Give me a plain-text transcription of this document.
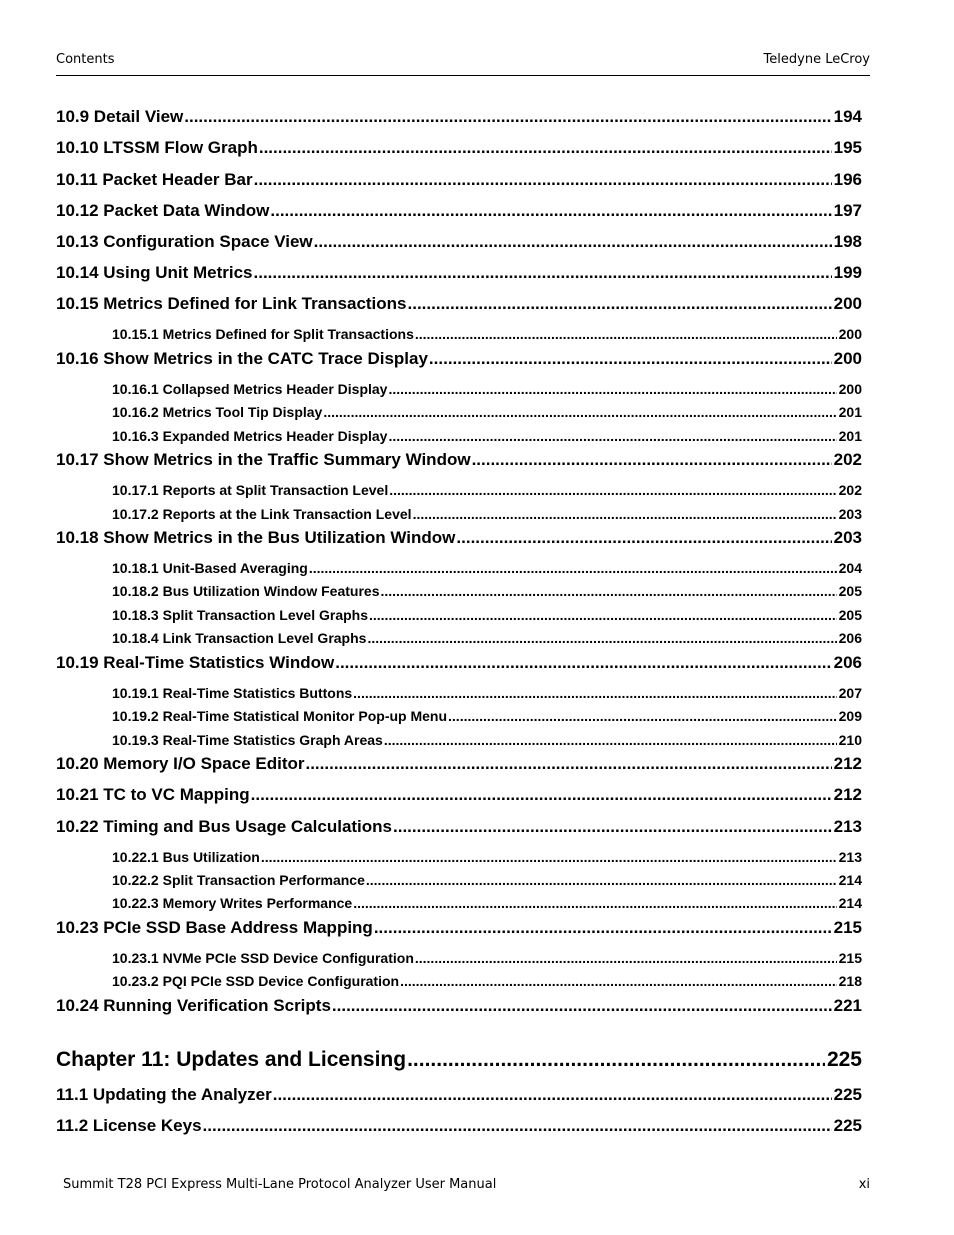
Contents	Teledyne LeCroy
10.9 Detail View .....	194
10.10 LTSSM Flow Graph .....	195
10.11 Packet Header Bar .....	196
10.12 Packet Data Window .....	197
10.13 Configuration Space View .....	198
10.14 Using Unit Metrics .....	199
10.15 Metrics Defined for Link Transactions .....	200
10.15.1 Metrics Defined for Split Transactions .....	200
10.16 Show Metrics in the CATC Trace Display .....	200
10.16.1 Collapsed Metrics Header Display .....	200
10.16.2 Metrics Tool Tip Display .....	201
10.16.3 Expanded Metrics Header Display .....	201
10.17 Show Metrics in the Traffic Summary Window .....	202
10.17.1 Reports at Split Transaction Level .....	202
10.17.2 Reports at the Link Transaction Level .....	203
10.18 Show Metrics in the Bus Utilization Window .....	203
10.18.1 Unit-Based Averaging .....	204
10.18.2 Bus Utilization Window Features .....	205
10.18.3 Split Transaction Level Graphs .....	205
10.18.4 Link Transaction Level Graphs .....	206
10.19 Real-Time Statistics Window .....	206
10.19.1 Real-Time Statistics Buttons .....	207
10.19.2 Real-Time Statistical Monitor Pop-up Menu .....	209
10.19.3 Real-Time Statistics Graph Areas .....	210
10.20 Memory I/O Space Editor .....	212
10.21 TC to VC Mapping .....	212
10.22 Timing and Bus Usage Calculations .....	213
10.22.1 Bus Utilization .....	213
10.22.2 Split Transaction Performance .....	214
10.22.3 Memory Writes Performance .....	214
10.23 PCIe SSD Base Address Mapping .....	215
10.23.1 NVMe PCIe SSD Device Configuration .....	215
10.23.2 PQI PCIe SSD Device Configuration .....	218
10.24 Running Verification Scripts .....	221
Chapter 11: Updates and Licensing .....	225
11.1 Updating the Analyzer .....	225
11.2 License Keys .....	225
Summit T28 PCI Express Multi-Lane Protocol Analyzer User Manual	xi
